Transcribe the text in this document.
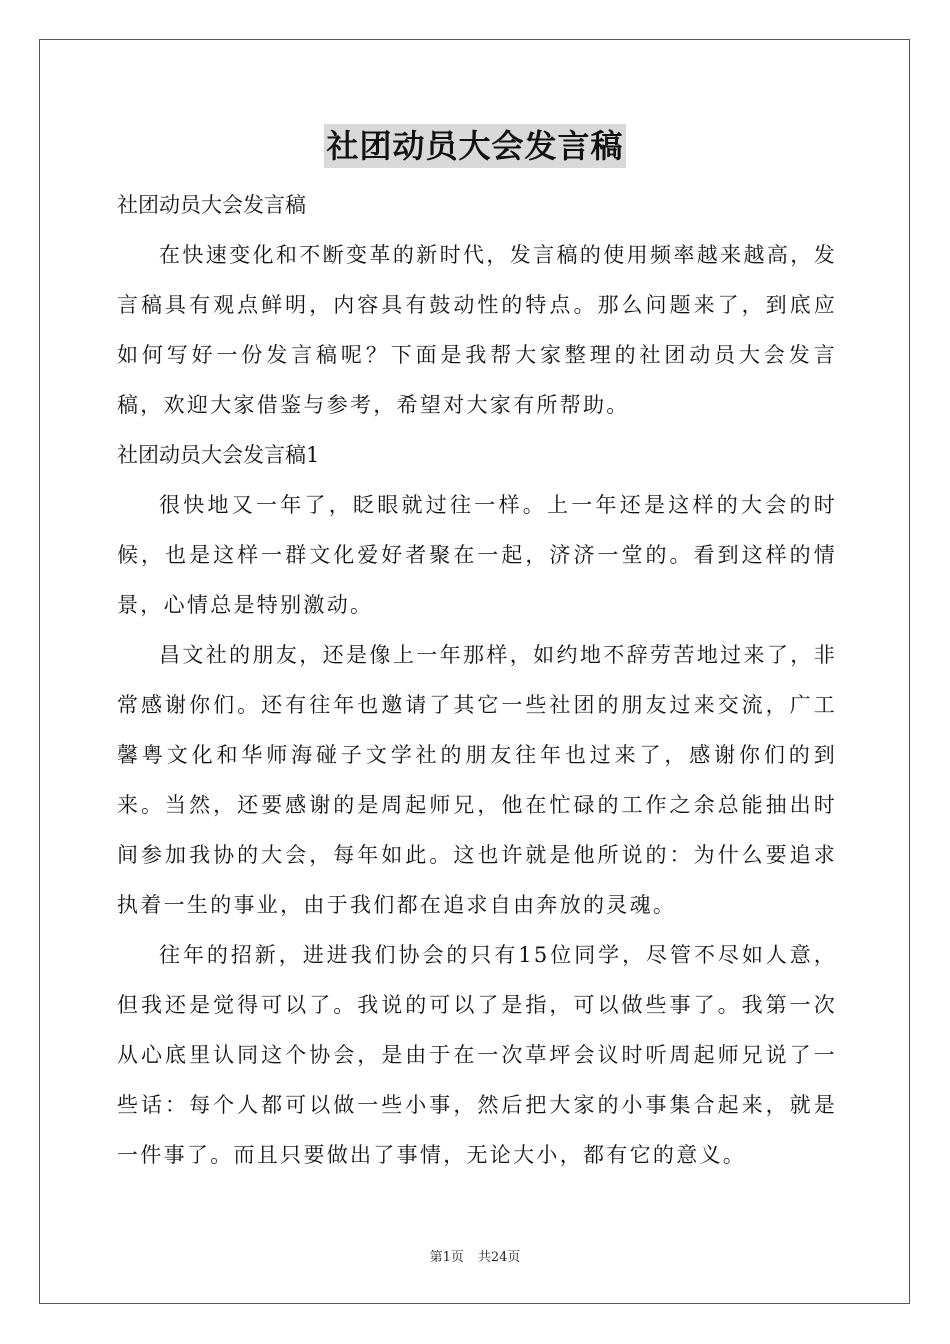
社团动员大会发言稿

社团动员大会发言稿

在快速变化和不断变革的新时代，发言稿的使用频率越来越高，发言稿具有观点鲜明，内容具有鼓动性的特点。那么问题来了，到底应如何写好一份发言稿呢？下面是我帮大家整理的社团动员大会发言稿，欢迎大家借鉴与参考，希望对大家有所帮助。

社团动员大会发言稿1

很快地又一年了，眨眼就过往一样。上一年还是这样的大会的时候，也是这样一群文化爱好者聚在一起，济济一堂的。看到这样的情景，心情总是特别激动。

昌文社的朋友，还是像上一年那样，如约地不辞劳苦地过来了，非常感谢你们。还有往年也邀请了其它一些社团的朋友过来交流，广工馨粤文化和华师海碰子文学社的朋友往年也过来了，感谢你们的到来。当然，还要感谢的是周起师兄，他在忙碌的工作之余总能抽出时间参加我协的大会，每年如此。这也许就是他所说的：为什么要追求执着一生的事业，由于我们都在追求自由奔放的灵魂。

往年的招新，进进我们协会的只有15位同学，尽管不尽如人意，但我还是觉得可以了。我说的可以了是指，可以做些事了。我第一次从心底里认同这个协会，是由于在一次草坪会议时听周起师兄说了一些话：每个人都可以做一些小事，然后把大家的小事集合起来，就是一件事了。而且只要做出了事情，无论大小，都有它的意义。

第1页 共24页
